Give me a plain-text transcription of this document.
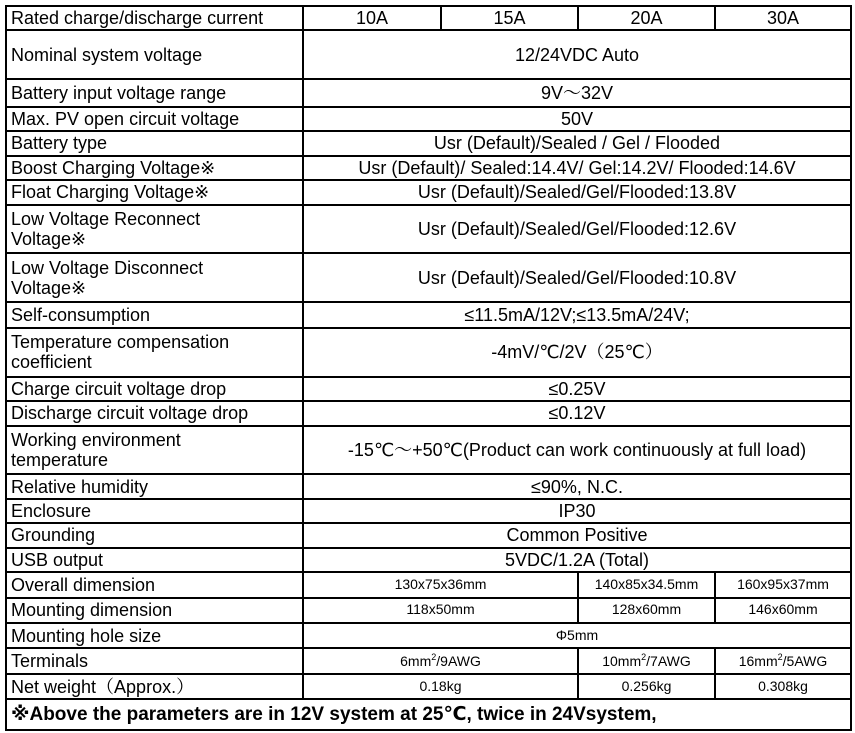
Rated charge/discharge current	10A	15A	20A	30A
Nominal system voltage	12/24VDC Auto			
Battery input voltage range	9V～32V			
Max. PV open circuit voltage	50V			
Battery type	Usr (Default)/Sealed / Gel / Flooded			
Boost Charging Voltage※	Usr (Default)/ Sealed:14.4V/ Gel:14.2V/ Flooded:14.6V			
Float Charging Voltage※	Usr (Default)/Sealed/Gel/Flooded:13.8V			
Low Voltage Reconnect
Voltage※	Usr (Default)/Sealed/Gel/Flooded:12.6V			
Low Voltage Disconnect
Voltage※	Usr (Default)/Sealed/Gel/Flooded:10.8V			
Self-consumption	≤11.5mA/12V;≤13.5mA/24V;			
Temperature compensation
coefficient	-4mV/℃/2V（25℃）			
Charge circuit voltage drop	≤0.25V			
Discharge circuit voltage drop	≤0.12V			
Working environment
temperature	-15℃～+50℃(Product can work continuously at full load)			
Relative humidity	≤90%, N.C.			
Enclosure	IP30			
Grounding	Common Positive			
USB output	5VDC/1.2A (Total)			
Overall dimension	130x75x36mm		140x85x34.5mm	160x95x37mm
Mounting dimension	118x50mm		128x60mm	146x60mm
Mounting hole size	Φ5mm			
Terminals	$6mm^2/9AWG$		$10mm^2/7AWG$	$16mm^2/5AWG$
Net weight（Approx.）	0.18kg		0.256kg	0.308kg
※Above the parameters are in 12V system at 25℃, twice in 24Vsystem,				
